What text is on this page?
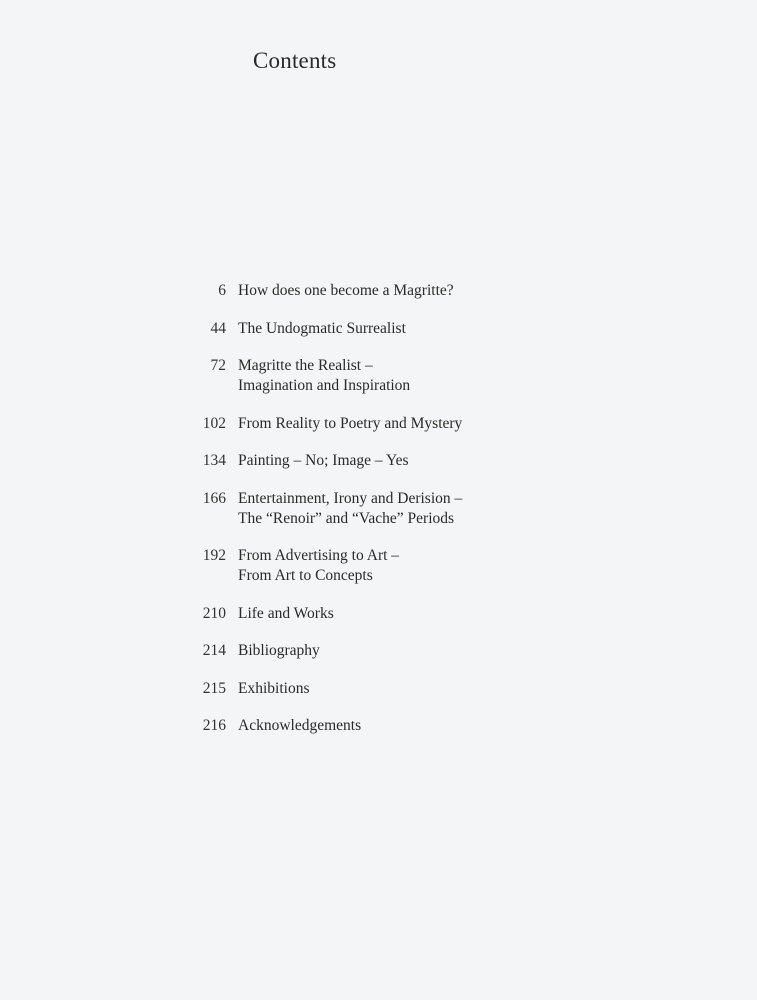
Contents
6 How does one become a Magritte?
44 The Undogmatic Surrealist
72 Magritte the Realist –
Imagination and Inspiration
102 From Reality to Poetry and Mystery
134 Painting – No; Image – Yes
166 Entertainment, Irony and Derision –
The “Renoir” and “Vache” Periods
192 From Advertising to Art –
From Art to Concepts
210 Life and Works
214 Bibliography
215 Exhibitions
216 Acknowledgements
